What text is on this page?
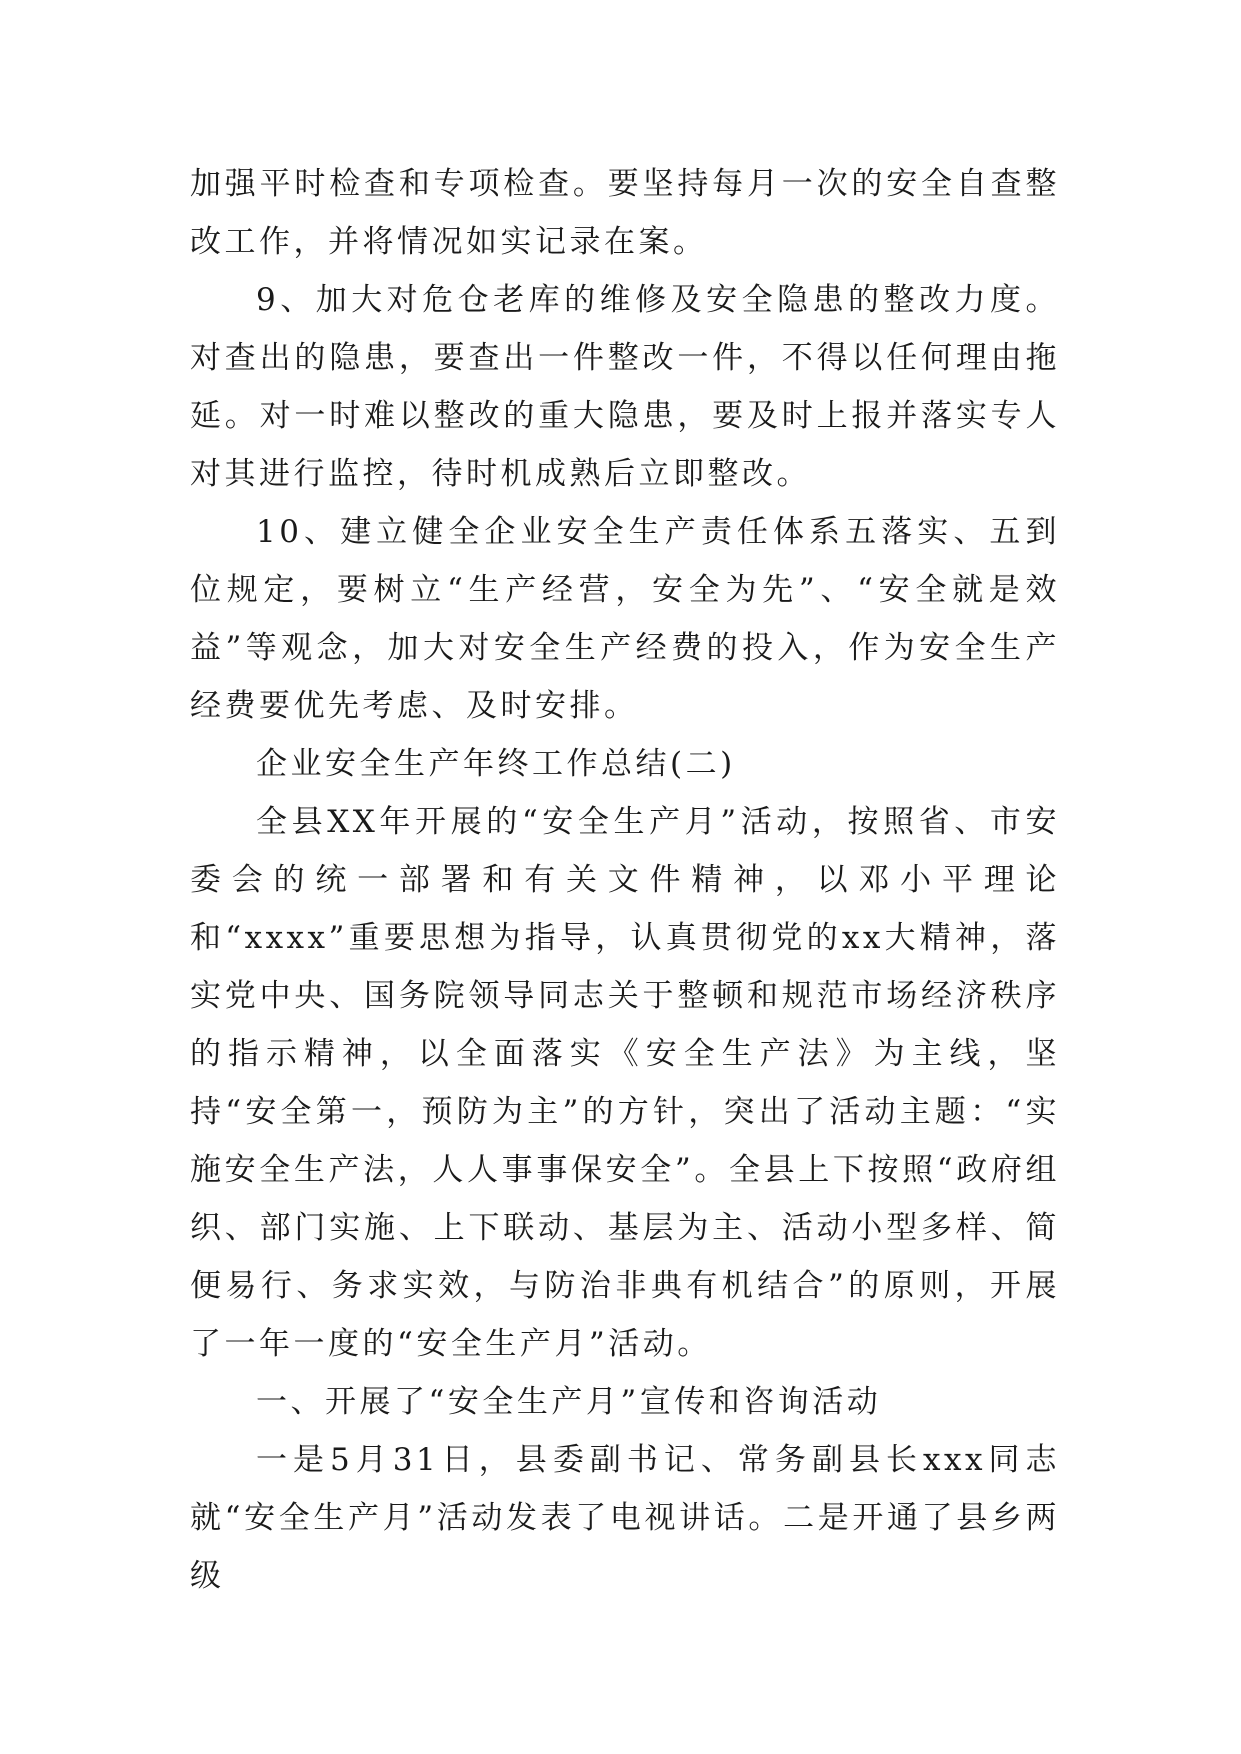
加强平时检查和专项检查。要坚持每月一次的安全自查整改工作，并将情况如实记录在案。

9、加大对危仓老库的维修及安全隐患的整改力度。对查出的隐患，要查出一件整改一件，不得以任何理由拖延。对一时难以整改的重大隐患，要及时上报并落实专人对其进行监控，待时机成熟后立即整改。

10、建立健全企业安全生产责任体系五落实、五到位规定，要树立“生产经营，安全为先”、“安全就是效益”等观念，加大对安全生产经费的投入，作为安全生产经费要优先考虑、及时安排。

企业安全生产年终工作总结(二)

全县XX年开展的“安全生产月”活动，按照省、市安委会的统一部署和有关文件精神，以邓小平理论和“xxxx”重要思想为指导，认真贯彻党的xx大精神，落实党中央、国务院领导同志关于整顿和规范市场经济秩序的指示精神，以全面落实《安全生产法》为主线，坚持“安全第一，预防为主”的方针，突出了活动主题：“实施安全生产法，人人事事保安全”。全县上下按照“政府组织、部门实施、上下联动、基层为主、活动小型多样、简便易行、务求实效，与防治非典有机结合”的原则，开展了一年一度的“安全生产月”活动。

一、开展了“安全生产月”宣传和咨询活动

一是5月31日，县委副书记、常务副县长xxx同志就“安全生产月”活动发表了电视讲话。二是开通了县乡两级
